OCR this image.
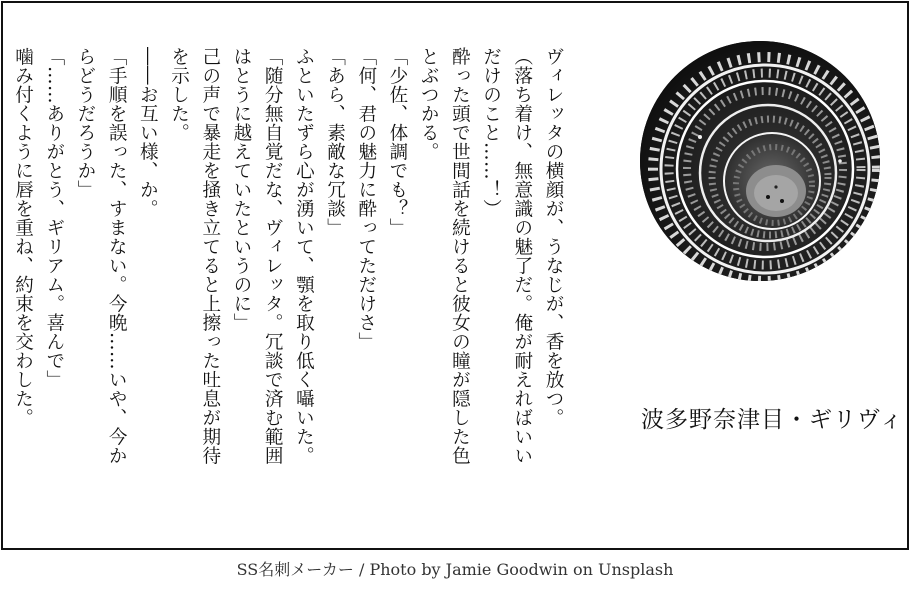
ヴィレッタの横顔が、うなじが、香を放つ。

（落ち着け、無意識の魅了だ。俺が耐えればいい

だけのこと……！）

酔った頭で世間話を続けると彼女の瞳が隠した色

とぶつかる。

「少佐、体調でも？」

「何、君の魅力に酔ってただけさ」

「あら、素敵な冗談」

ふといたずら心が湧いて、顎を取り低く囁いた。

「随分無自覚だな、ヴィレッタ。冗談で済む範囲

はとうに越えていたというのに」

己の声で暴走を掻き立てると上擦った吐息が期待

を示した。

――お互い様、か。

「手順を誤った、すまない。今晩……いや、今か

らどうだろうか」

「……ありがとう、ギリアム。喜んで」

噛み付くように唇を重ね、約束を交わした。	波多野奈津目・ギリヴィ
SS名刺メーカー / Photo by Jamie Goodwin on Unsplash
